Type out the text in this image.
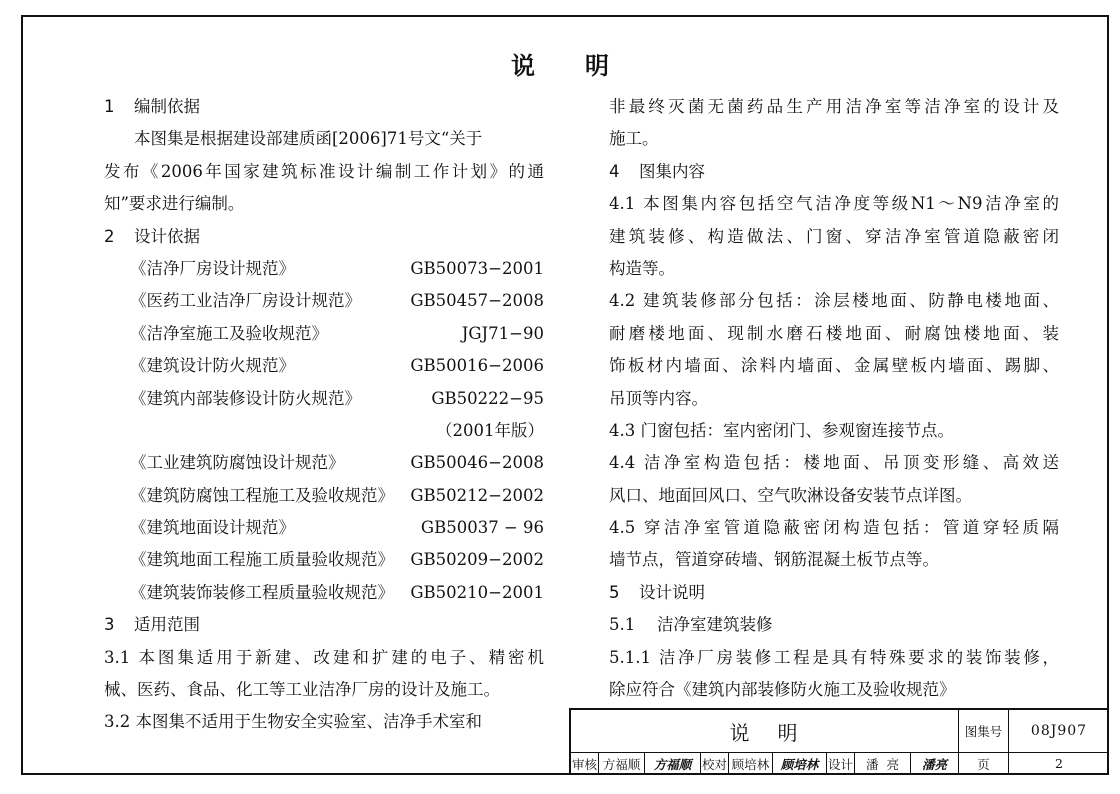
说 明
1 编制依据
本图集是根据建设部建质函[2006]71号文“关于
发布《2006年国家建筑标准设计编制工作计划》的通
知”要求进行编制。
2 设计依据
《洁净厂房设计规范》	GB50073−2001
《医药工业洁净厂房设计规范》	GB50457−2008
《洁净室施工及验收规范》	JGJ71−90
《建筑设计防火规范》	GB50016−2006
《建筑内部装修设计防火规范》	GB50222−95
（2001年版）
《工业建筑防腐蚀设计规范》	GB50046−2008
《建筑防腐蚀工程施工及验收规范》 GB50212−2002
《建筑地面设计规范》	GB50037 − 96
《建筑地面工程施工质量验收规范》 GB50209−2002
《建筑装饰装修工程质量验收规范》 GB50210−2001
3 适用范围
3.1 本图集适用于新建、改建和扩建的电子、精密机
械、医药、食品、化工等工业洁净厂房的设计及施工。
3.2 本图集不适用于生物安全实验室、洁净手术室和
非最终灭菌无菌药品生产用洁净室等洁净室的设计及
施工。
4 图集内容
4.1 本图集内容包括空气洁净度等级N1～N9洁净室的
建筑装修、构造做法、门窗、穿洁净室管道隐蔽密闭
构造等。
4.2 建筑装修部分包括：涂层楼地面、防静电楼地面、
耐磨楼地面、现制水磨石楼地面、耐腐蚀楼地面、装
饰板材内墙面、涂料内墙面、金属壁板内墙面、踢脚、
吊顶等内容。
4.3 门窗包括：室内密闭门、参观窗连接节点。
4.4 洁净室构造包括：楼地面、吊顶变形缝、高效送
风口、地面回风口、空气吹淋设备安装节点详图。
4.5 穿洁净室管道隐蔽密闭构造包括：管道穿轻质隔
墙节点，管道穿砖墙、钢筋混凝土板节点等。
5 设计说明
5.1　 洁净室建筑装修
5.1.1 洁净厂房装修工程是具有特殊要求的装饰装修，
除应符合《建筑内部装修防火施工及验收规范》
说 明	图集号	08J907
审核 方福顺	方福顺 校对 顾培林 顾培林 设计	潘  亮	潘亮	页	2
